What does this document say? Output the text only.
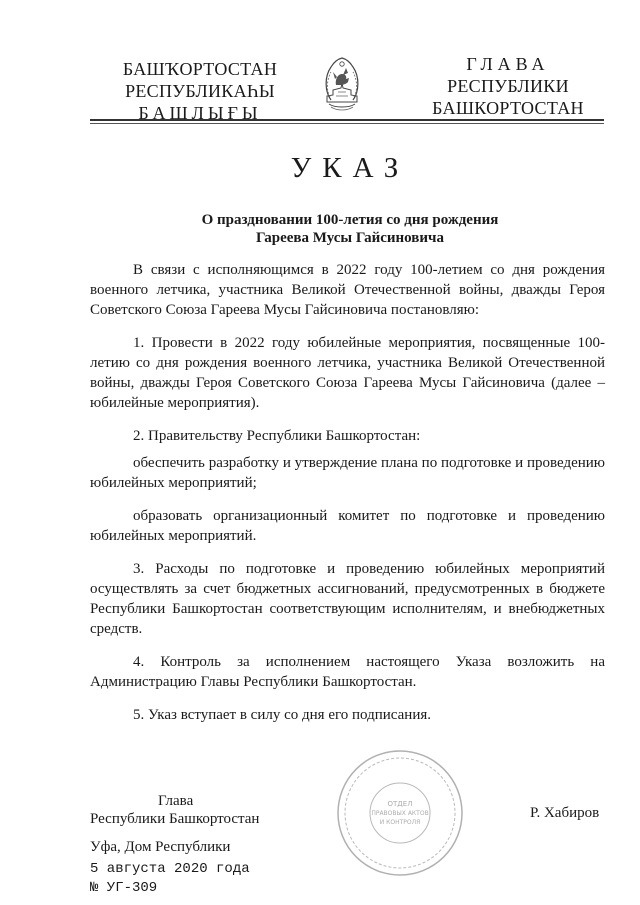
БАШҠОРТОСТАН
РЕСПУБЛИКАҺЫ
БАШЛЫҒЫ
ГЛАВА
РЕСПУБЛИКИ
БАШКОРТОСТАН
УКАЗ
О праздновании 100-летия со дня рождения
Гареева Мусы Гайсиновича

В связи с исполняющимся в 2022 году 100-летием со дня рождения военного летчика, участника Великой Отечественной войны, дважды Героя Советского Союза Гареева Мусы Гайсиновича постановляю:

1. Провести в 2022 году юбилейные мероприятия, посвященные 100-летию со дня рождения военного летчика, участника Великой Отечественной войны, дважды Героя Советского Союза Гареева Мусы Гайсиновича (далее – юбилейные мероприятия).

2. Правительству Республики Башкортостан:

обеспечить разработку и утверждение плана по подготовке и проведению юбилейных мероприятий;

образовать организационный комитет по подготовке и проведению юбилейных мероприятий.

3. Расходы по подготовке и проведению юбилейных мероприятий осуществлять за счет бюджетных ассигнований, предусмотренных в бюджете Республики Башкортостан соответствующим исполнителям, и внебюджетных средств.

4. Контроль за исполнением настоящего Указа возложить на Администрацию Главы Республики Башкортостан.

5. Указ вступает в силу со дня его подписания.

ОТДЕЛ
ПРАВОВЫХ АКТОВ
И КОНТРОЛЯ
Глава
Республики Башкортостан	Р. Хабиров
Уфа, Дом Республики
5 августа 2020 года
№ УГ-309
